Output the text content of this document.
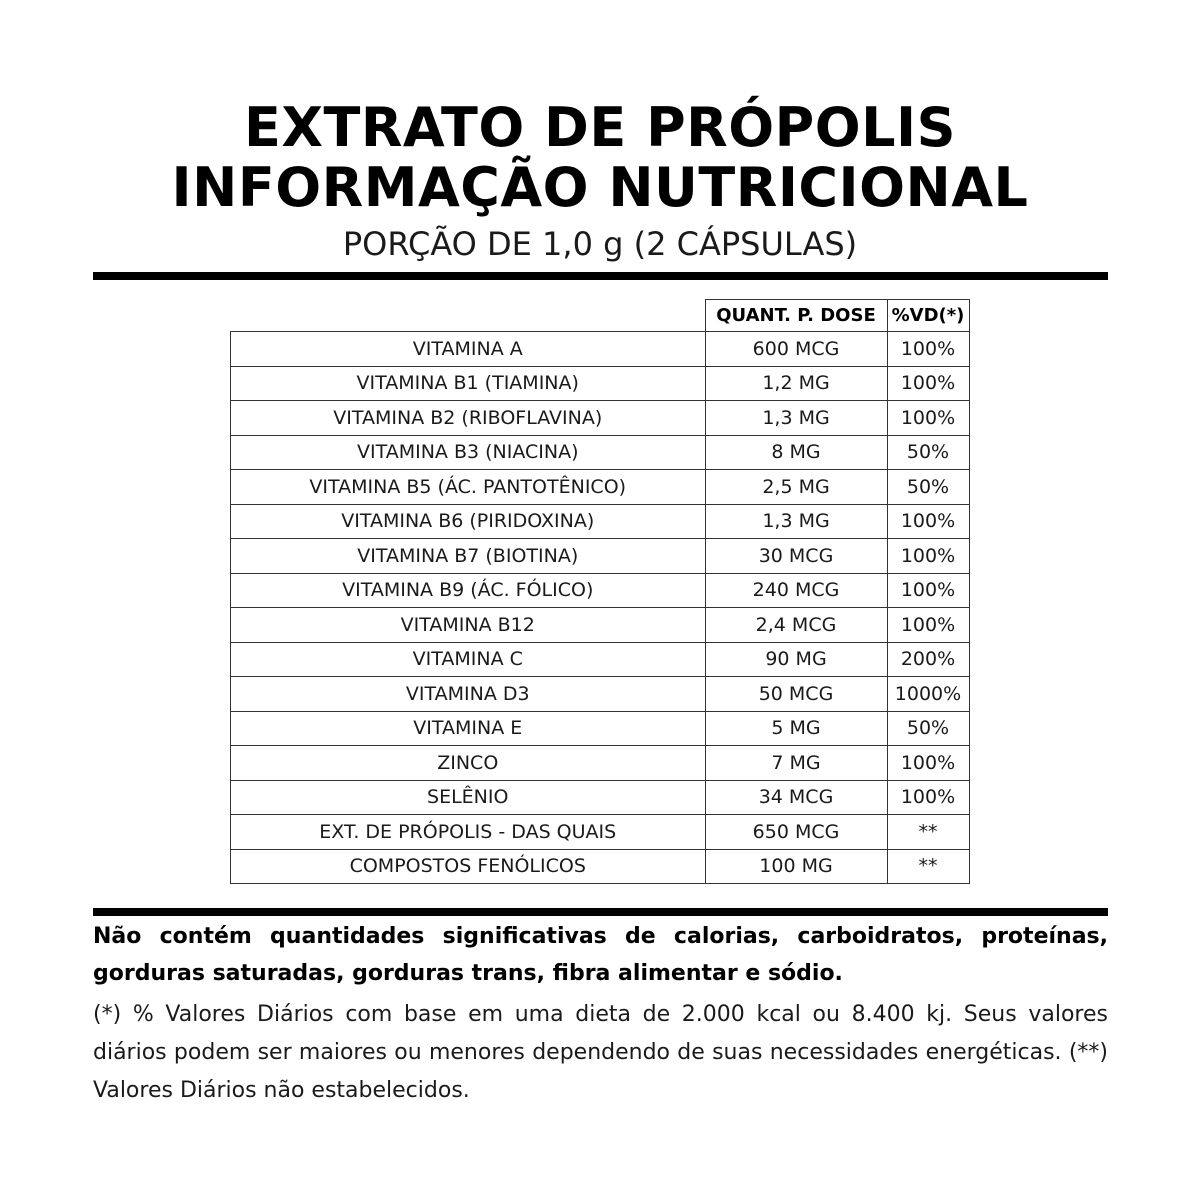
EXTRATO DE PRÓPOLIS
INFORMAÇÃO NUTRICIONAL
PORÇÃO DE 1,0 g (2 CÁPSULAS)
	QUANT. P. DOSE	%VD(*)
VITAMINA A	600 MCG	100%
VITAMINA B1 (TIAMINA)	1,2 MG	100%
VITAMINA B2 (RIBOFLAVINA)	1,3 MG	100%
VITAMINA B3 (NIACINA)	8 MG	50%
VITAMINA B5 (ÁC. PANTOTÊNICO)	2,5 MG	50%
VITAMINA B6 (PIRIDOXINA)	1,3 MG	100%
VITAMINA B7 (BIOTINA)	30 MCG	100%
VITAMINA B9 (ÁC. FÓLICO)	240 MCG	100%
VITAMINA B12	2,4 MCG	100%
VITAMINA C	90 MG	200%
VITAMINA D3	50 MCG	1000%
VITAMINA E	5 MG	50%
ZINCO	7 MG	100%
SELÊNIO	34 MCG	100%
EXT. DE PRÓPOLIS - DAS QUAIS	650 MCG	**
COMPOSTOS FENÓLICOS	100 MG	**
Não contém quantidades significativas de calorias, carboidratos, proteínas, gorduras saturadas, gorduras trans, fibra alimentar e sódio.
(*) % Valores Diários com base em uma dieta de 2.000 kcal ou 8.400 kj. Seus valores diários podem ser maiores ou menores dependendo de suas necessidades energéticas. (**) Valores Diários não estabelecidos.
